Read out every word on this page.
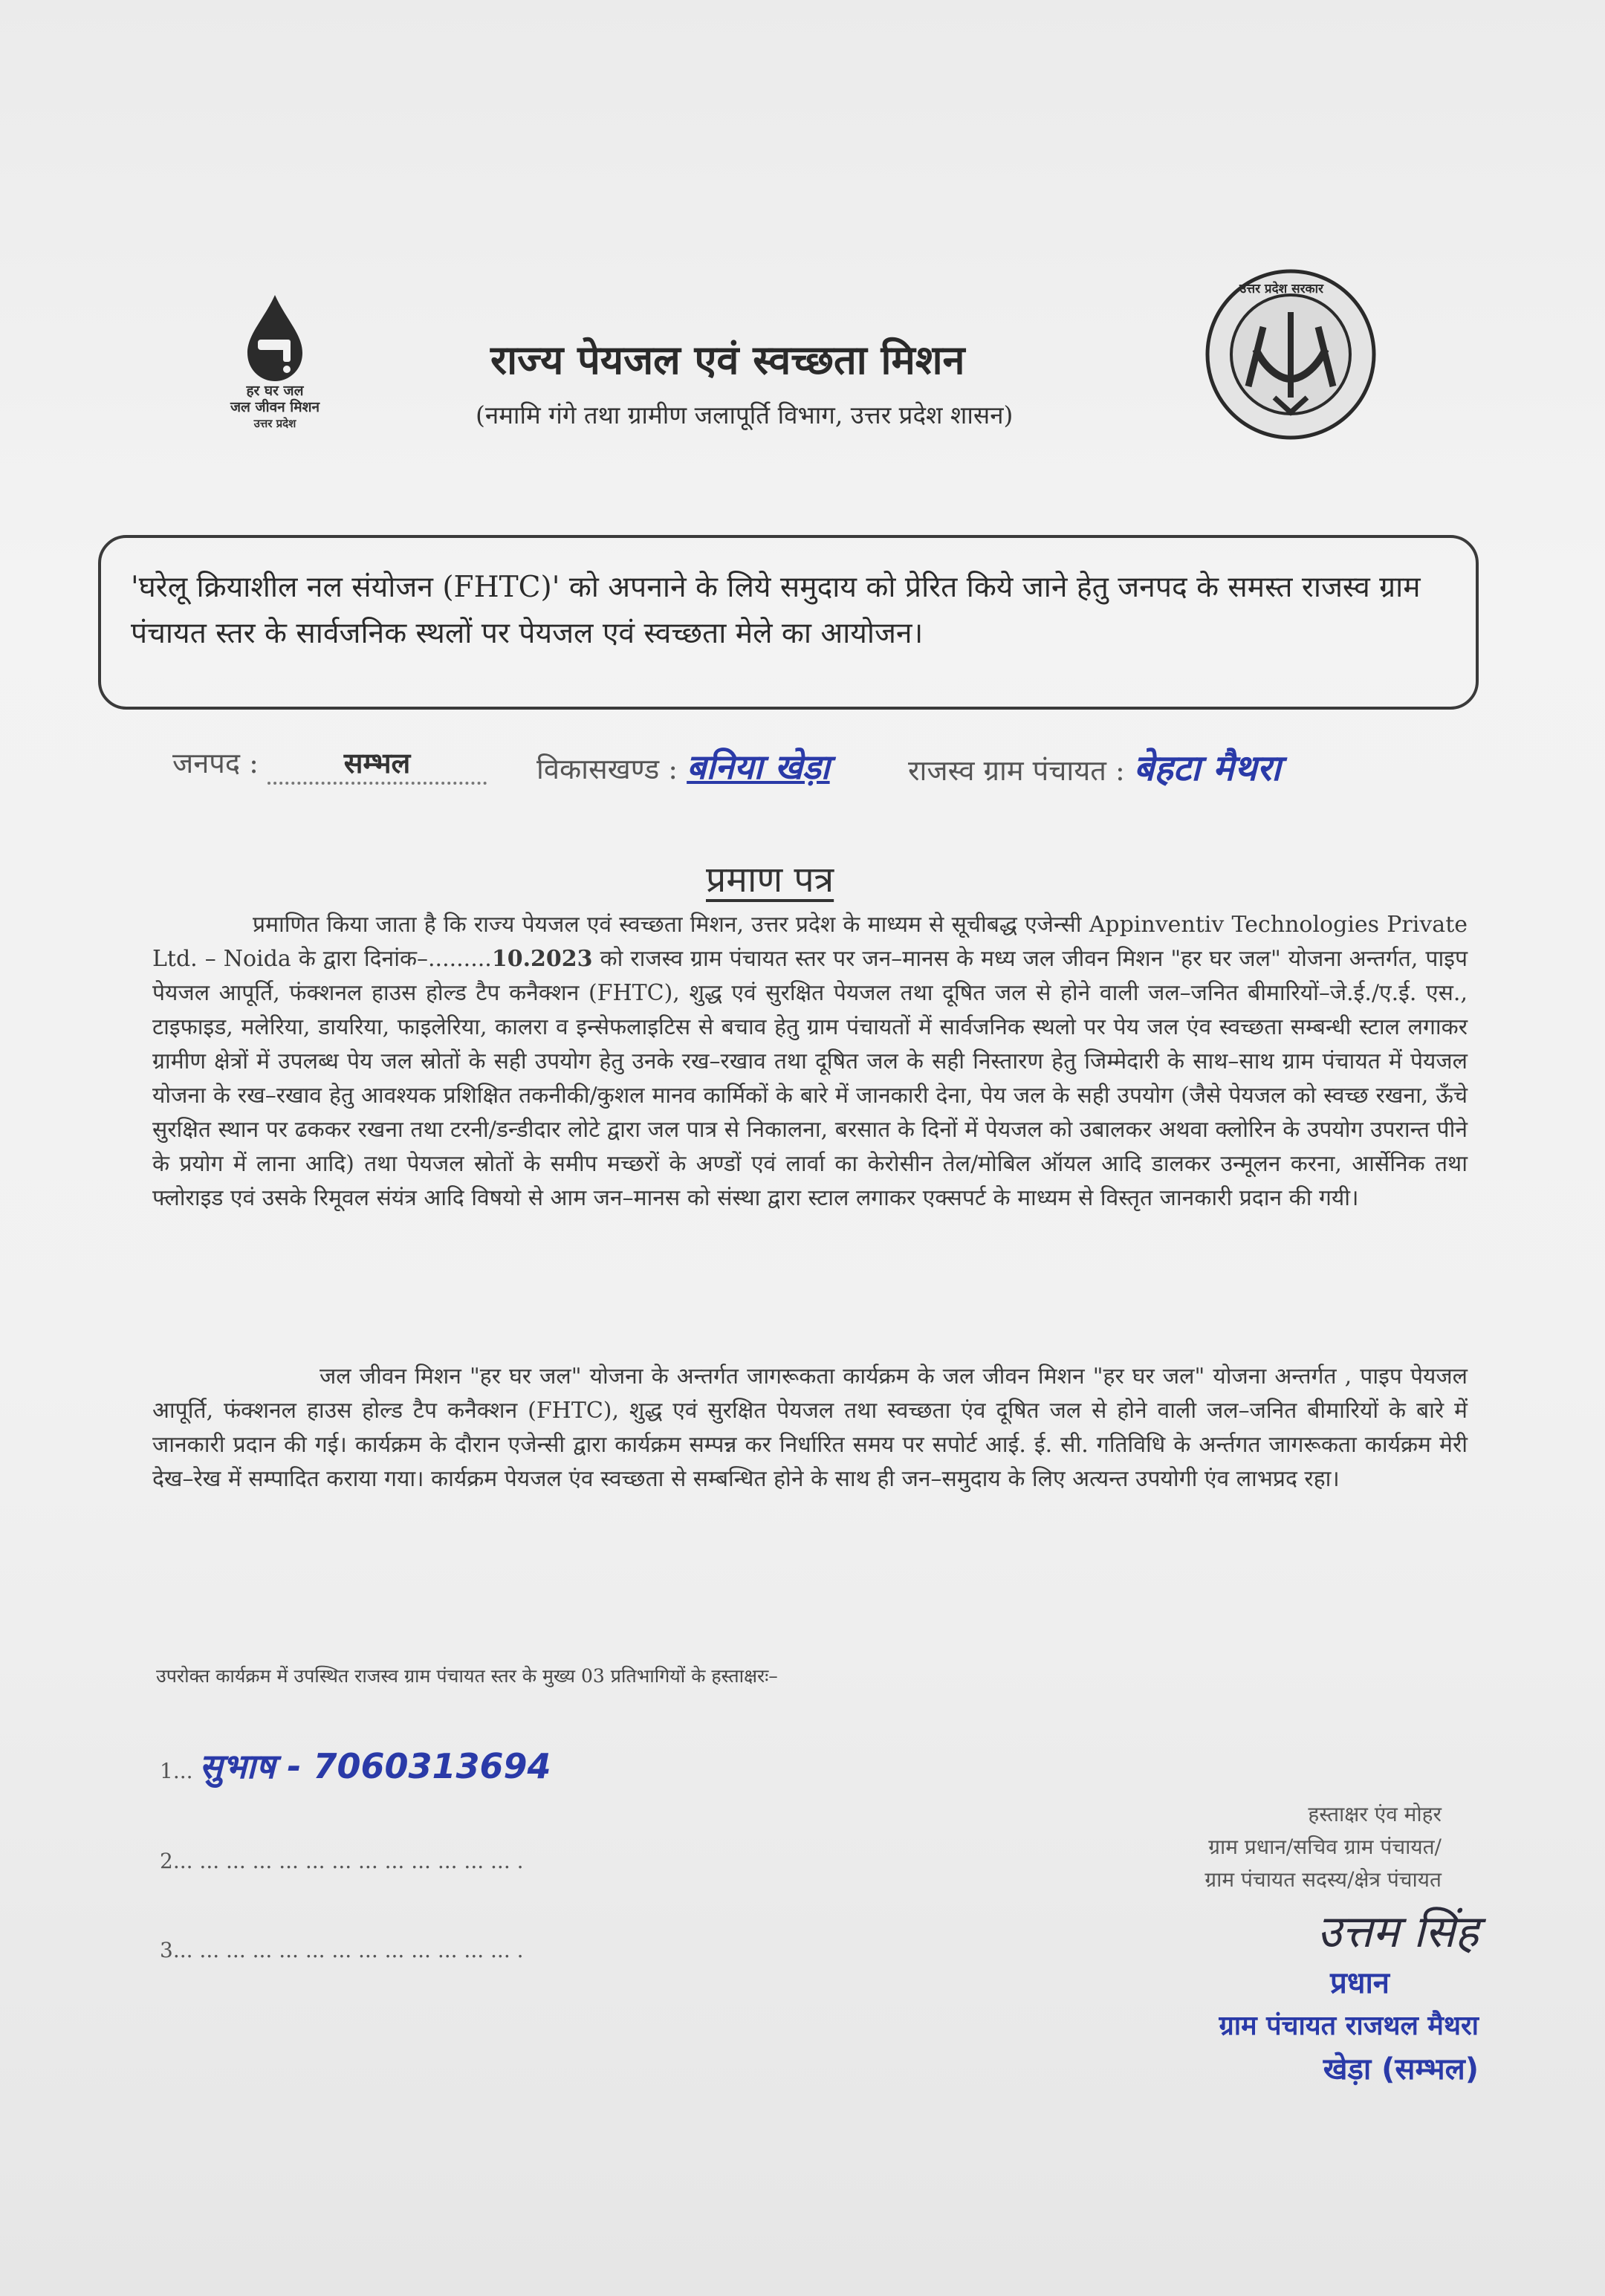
हर घर जल
जल जीवन मिशन
उत्तर प्रदेश
राज्य पेयजल एवं स्वच्छता मिशन
(नमामि गंगे तथा ग्रामीण जलापूर्ति विभाग, उत्तर प्रदेश शासन)
उत्तर प्रदेश सरकार
'घरेलू क्रियाशील नल संयोजन (FHTC)' को अपनाने के लिये समुदाय को प्रेरित किये जाने हेतु जनपद के समस्त राजस्व ग्राम पंचायत स्तर के सार्वजनिक स्थलों पर पेयजल एवं स्वच्छता मेले का आयोजन।
जनपद :	सम्भल	विकासखण्ड : बनिया खेड़ा	राजस्व ग्राम पंचायत : बेहटा मैथरा
प्रमाण पत्र
प्रमाणित किया जाता है कि राज्य पेयजल एवं स्वच्छता मिशन, उत्तर प्रदेश के माध्यम से सूचीबद्ध एजेन्सी Appinventiv Technologies Private Ltd. – Noida के द्वारा दिनांक–.........10.2023 को राजस्व ग्राम पंचायत स्तर पर जन–मानस के मध्य जल जीवन मिशन "हर घर जल" योजना अन्तर्गत, पाइप पेयजल आपूर्ति, फंक्शनल हाउस होल्ड टैप कनैक्शन (FHTC), शुद्ध एवं सुरक्षित पेयजल तथा दूषित जल से होने वाली जल–जनित बीमारियों–जे.ई./ए.ई. एस., टाइफाइड, मलेरिया, डायरिया, फाइलेरिया, कालरा व इन्सेफलाइटिस से बचाव हेतु ग्राम पंचायतों में सार्वजनिक स्थलो पर पेय जल एंव स्वच्छता सम्बन्धी स्टाल लगाकर ग्रामीण क्षेत्रों में उपलब्ध पेय जल स्रोतों के सही उपयोग हेतु उनके रख–रखाव तथा दूषित जल के सही निस्तारण हेतु जिम्मेदारी के साथ–साथ ग्राम पंचायत में पेयजल योजना के रख–रखाव हेतु आवश्यक प्रशिक्षित तकनीकी/कुशल मानव कार्मिकों के बारे में जानकारी देना, पेय जल के सही उपयोग (जैसे पेयजल को स्वच्छ रखना, ऊँचे सुरक्षित स्थान पर ढककर रखना तथा टरनी/डन्डीदार लोटे द्वारा जल पात्र से निकालना, बरसात के दिनों में पेयजल को उबालकर अथवा क्लोरिन के उपयोग उपरान्त पीने के प्रयोग में लाना आदि) तथा पेयजल स्रोतों के समीप मच्छरों के अण्डों एवं लार्वा का केरोसीन तेल/मोबिल ऑयल आदि डालकर उन्मूलन करना, आर्सेनिक तथा फ्लोराइड एवं उसके रिमूवल संयंत्र आदि विषयो से आम जन–मानस को संस्था द्वारा स्टाल लगाकर एक्सपर्ट के माध्यम से विस्तृत जानकारी प्रदान की गयी।
जल जीवन मिशन "हर घर जल" योजना के अन्तर्गत जागरूकता कार्यक्रम के जल जीवन मिशन "हर घर जल" योजना अन्तर्गत , पाइप पेयजल आपूर्ति, फंक्शनल हाउस होल्ड टैप कनैक्शन (FHTC), शुद्ध एवं सुरक्षित पेयजल तथा स्वच्छता एंव दूषित जल से होने वाली जल–जनित बीमारियों के बारे में जानकारी प्रदान की गई। कार्यक्रम के दौरान एजेन्सी द्वारा कार्यक्रम सम्पन्न कर निर्धारित समय पर सपोर्ट आई. ई. सी. गतिविधि के अर्न्तगत जागरूकता कार्यक्रम मेरी देख–रेख में सम्पादित कराया गया। कार्यक्रम पेयजल एंव स्वच्छता से सम्बन्धित होने के साथ ही जन–समुदाय के लिए अत्यन्त उपयोगी एंव लाभप्रद रहा।
उपरोक्त कार्यक्रम में उपस्थित राजस्व ग्राम पंचायत स्तर के मुख्य 03 प्रतिभागियों के हस्ताक्षरः–
1... सुभाष - 7060313694
2... ... ... ... ... ... ... ... ... ... ... ... ... .
3... ... ... ... ... ... ... ... ... ... ... ... ... .
हस्ताक्षर एंव मोहर
ग्राम प्रधान/सचिव ग्राम पंचायत/
ग्राम पंचायत सदस्य/क्षेत्र पंचायत
उत्तम सिंह
प्रधान
ग्राम पंचायत राजथल मैथरा
खेड़ा (सम्भल)
